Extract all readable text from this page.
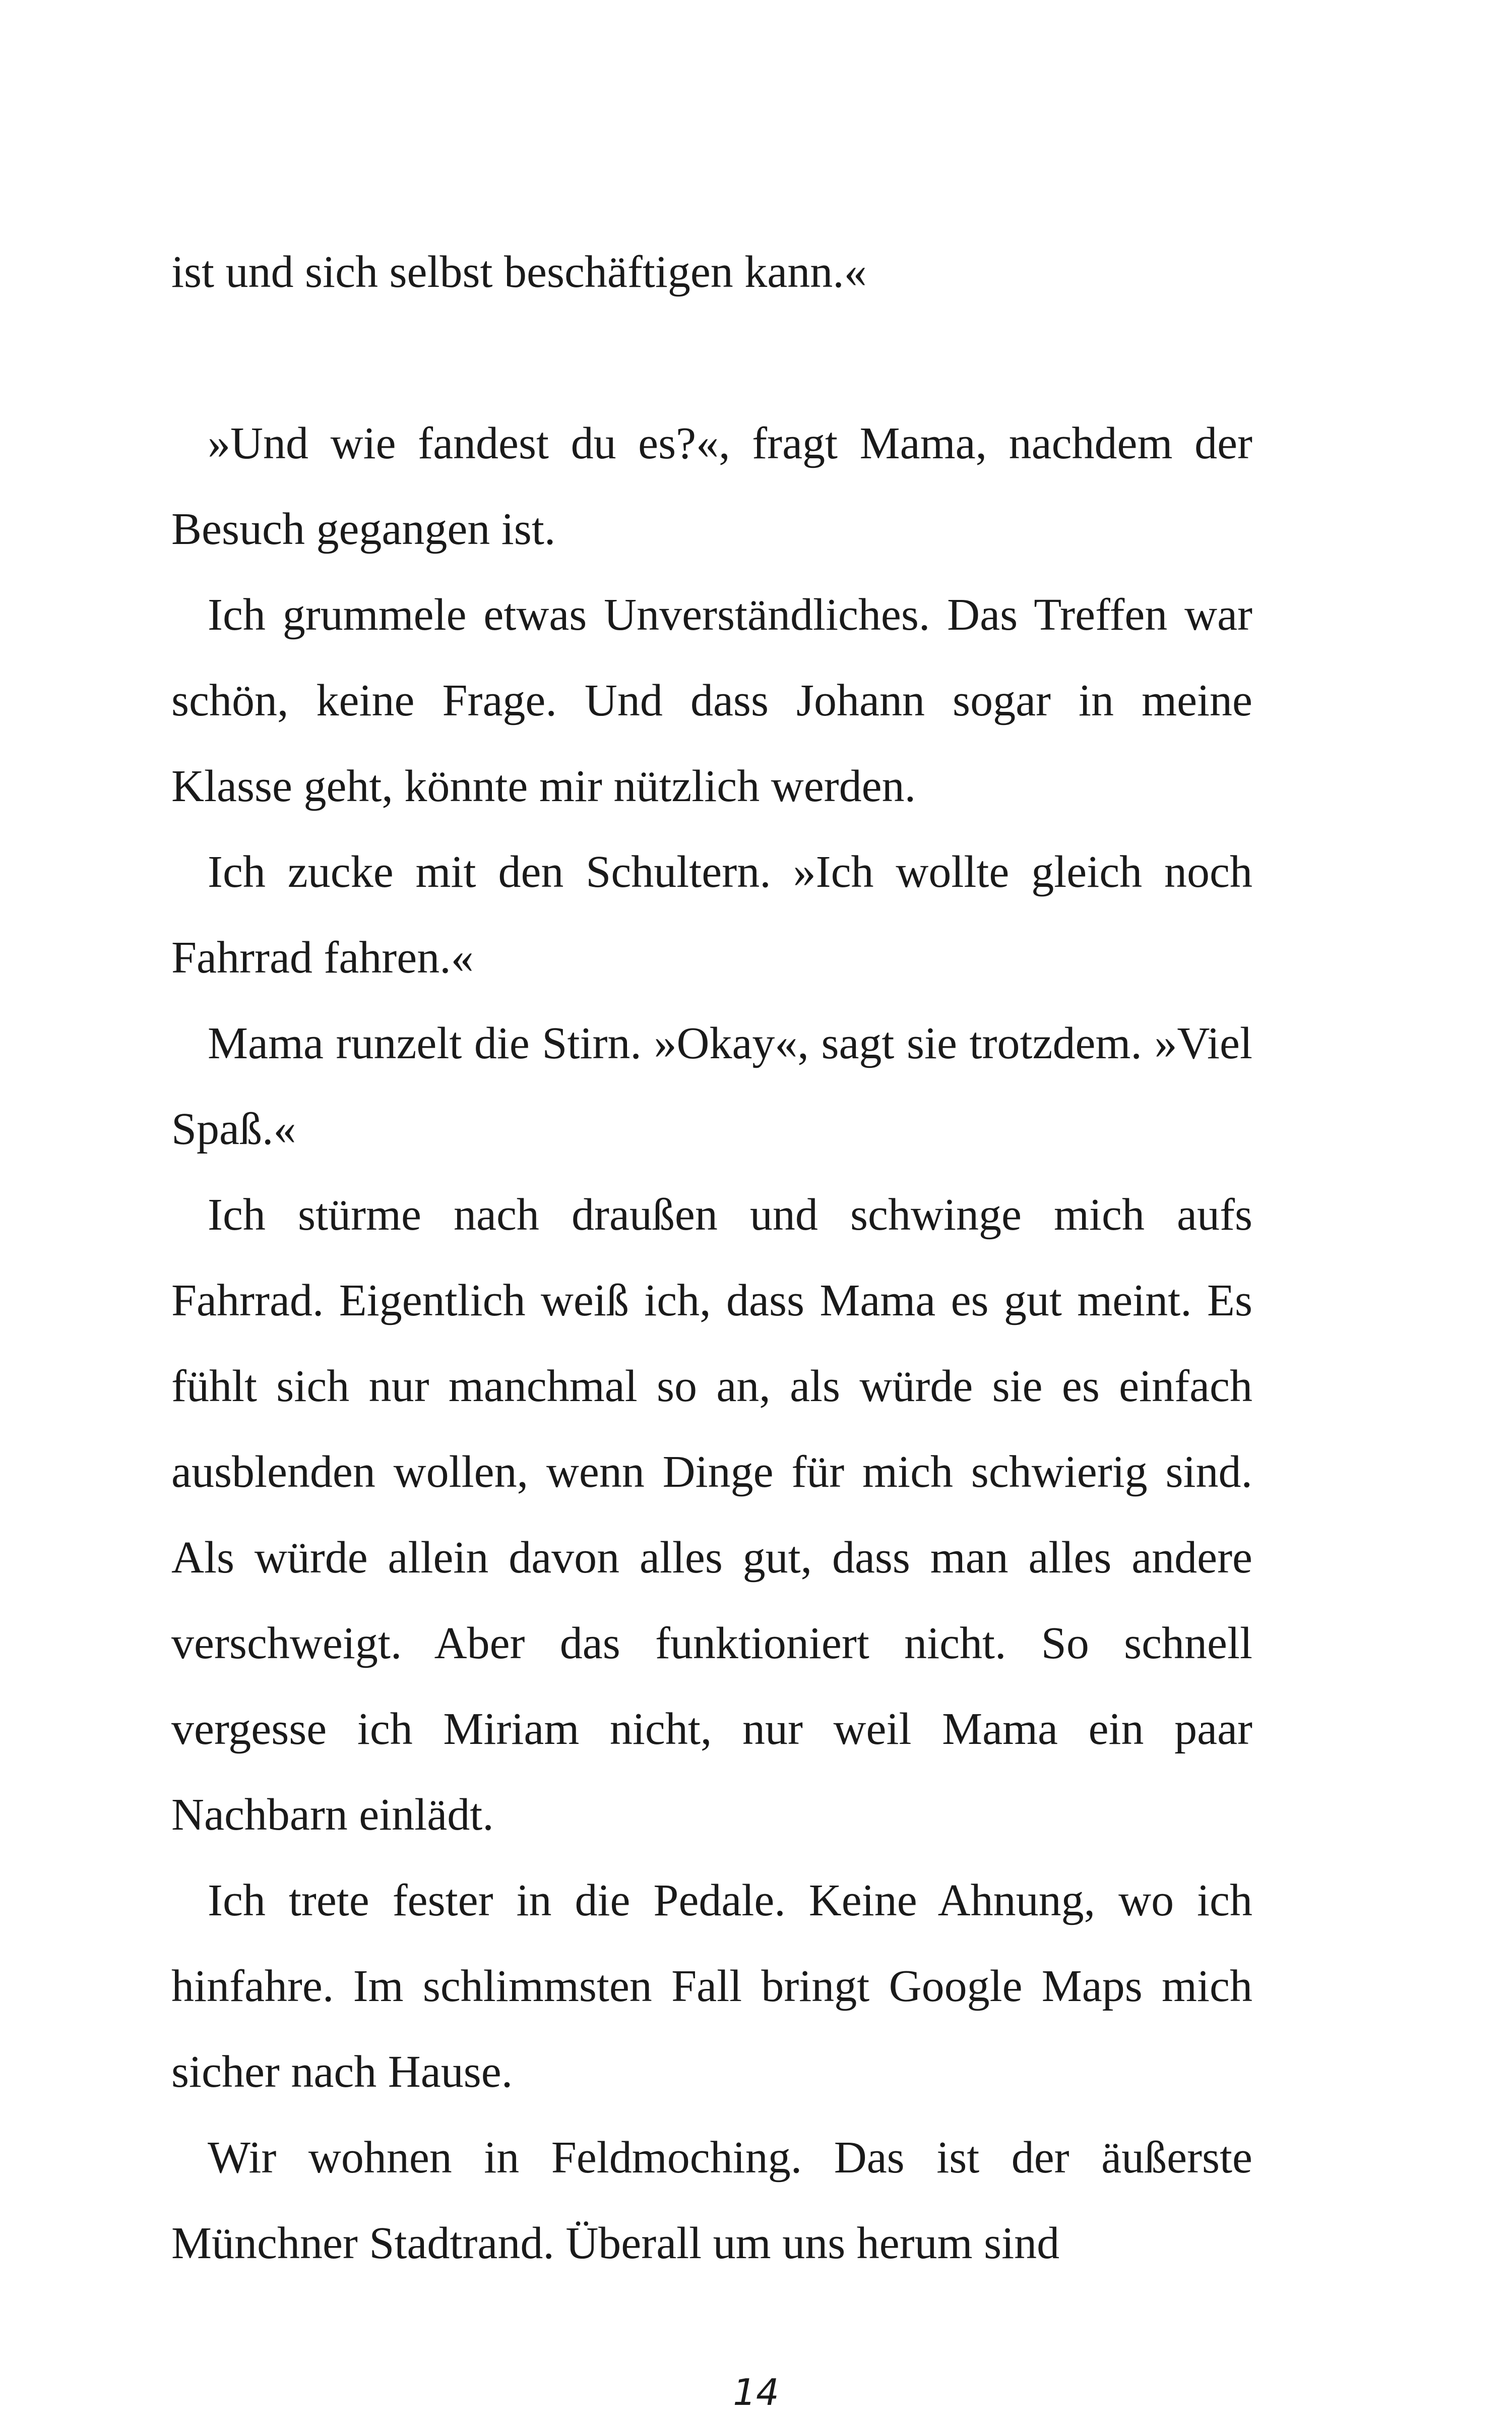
ist und sich selbst beschäftigen kann.«

»Und wie fandest du es?«, fragt Mama, nachdem der Besuch gegangen ist.

Ich grummele etwas Unverständliches. Das Treffen war schön, keine Frage. Und dass Johann sogar in meine Klasse geht, könnte mir nützlich werden.

Ich zucke mit den Schultern. »Ich wollte gleich noch Fahrrad fahren.«

Mama runzelt die Stirn. »Okay«, sagt sie trotzdem. »Viel Spaß.«

Ich stürme nach draußen und schwinge mich aufs Fahrrad. Eigentlich weiß ich, dass Mama es gut meint. Es fühlt sich nur manchmal so an, als würde sie es einfach ausblenden wollen, wenn Dinge für mich schwierig sind. Als würde allein davon alles gut, dass man alles andere verschweigt. Aber das funktioniert nicht. So schnell vergesse ich Miriam nicht, nur weil Mama ein paar Nachbarn einlädt.

Ich trete fester in die Pedale. Keine Ahnung, wo ich hinfahre. Im schlimmsten Fall bringt Google Maps mich sicher nach Hause.

Wir wohnen in Feldmoching. Das ist der äußerste Münchner Stadtrand. Überall um uns herum sind

14
